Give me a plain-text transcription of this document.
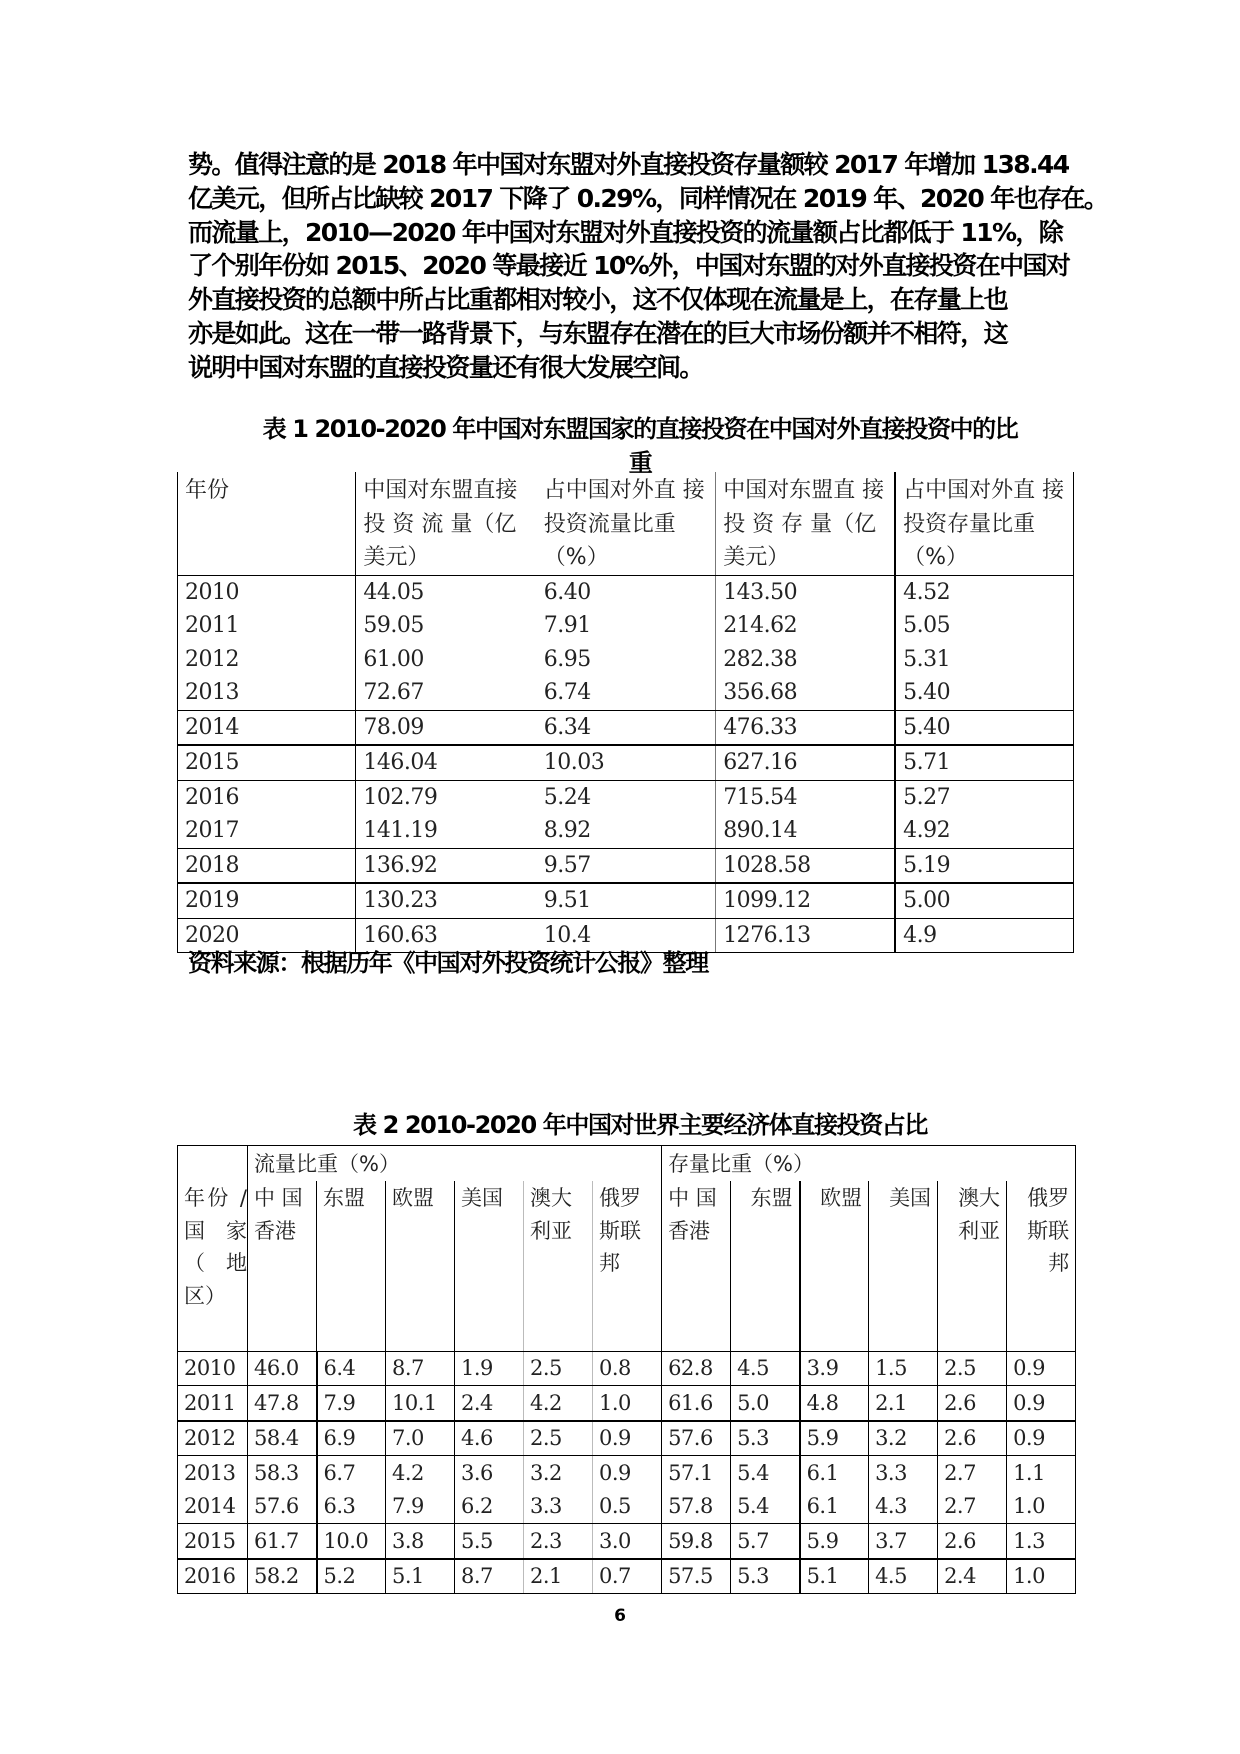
势。值得注意的是 2018 年中国对东盟对外直接投资存量额较 2017 年增加 138.44
亿美元，但所占比缺较 2017 下降了 0.29%，同样情况在 2019 年、2020 年也存在。
而流量上，2010—2020 年中国对东盟对外直接投资的流量额占比都低于 11%，除
了个别年份如 2015、2020 等最接近 10%外，中国对东盟的对外直接投资在中国对
外直接投资的总额中所占比重都相对较小，这不仅体现在流量是上，在存量上也
亦是如此。这在一带一路背景下，与东盟存在潜在的巨大市场份额并不相符，这
说明中国对东盟的直接投资量还有很大发展空间。
表 1 2010-2020 年中国对东盟国家的直接投资在中国对外直接投资中的比
重
年份	中国对东盟直接 投 资 流 量（亿美元）	占中国对外直 接投资流量比重（%）	中国对东盟直 接 投 资 存 量（亿美元）	占中国对外直 接投资存量比重（%）
2010	44.05	6.40	143.50	4.52
2011	59.05	7.91	214.62	5.05
2012	61.00	6.95	282.38	5.31
2013	72.67	6.74	356.68	5.40
2014	78.09	6.34	476.33	5.40
2015	146.04	10.03	627.16	5.71
2016	102.79	5.24	715.54	5.27
2017	141.19	8.92	890.14	4.92
2018	136.92	9.57	1028.58	5.19
2019	130.23	9.51	1099.12	5.00
2020	160.63	10.4	1276.13	4.9
资料来源：根据历年《中国对外投资统计公报》整理
表 2 2010-2020 年中国对世界主要经济体直接投资占比
	流量比重（%）						存量比重（%）					
年份 / 国 家 （ 地 区）	中 国 香港	东盟	欧盟	美国	澳大 利亚	俄罗 斯联 邦	中 国 香港	东盟	欧盟	美国	澳大 利亚	俄罗 斯联 邦
2010	46.0	6.4	8.7	1.9	2.5	0.8	62.8	4.5	3.9	1.5	2.5	0.9
2011	47.8	7.9	10.1	2.4	4.2	1.0	61.6	5.0	4.8	2.1	2.6	0.9
2012	58.4	6.9	7.0	4.6	2.5	0.9	57.6	5.3	5.9	3.2	2.6	0.9
2013	58.3	6.7	4.2	3.6	3.2	0.9	57.1	5.4	6.1	3.3	2.7	1.1
2014	57.6	6.3	7.9	6.2	3.3	0.5	57.8	5.4	6.1	4.3	2.7	1.0
2015	61.7	10.0	3.8	5.5	2.3	3.0	59.8	5.7	5.9	3.7	2.6	1.3
2016	58.2	5.2	5.1	8.7	2.1	0.7	57.5	5.3	5.1	4.5	2.4	1.0
6
